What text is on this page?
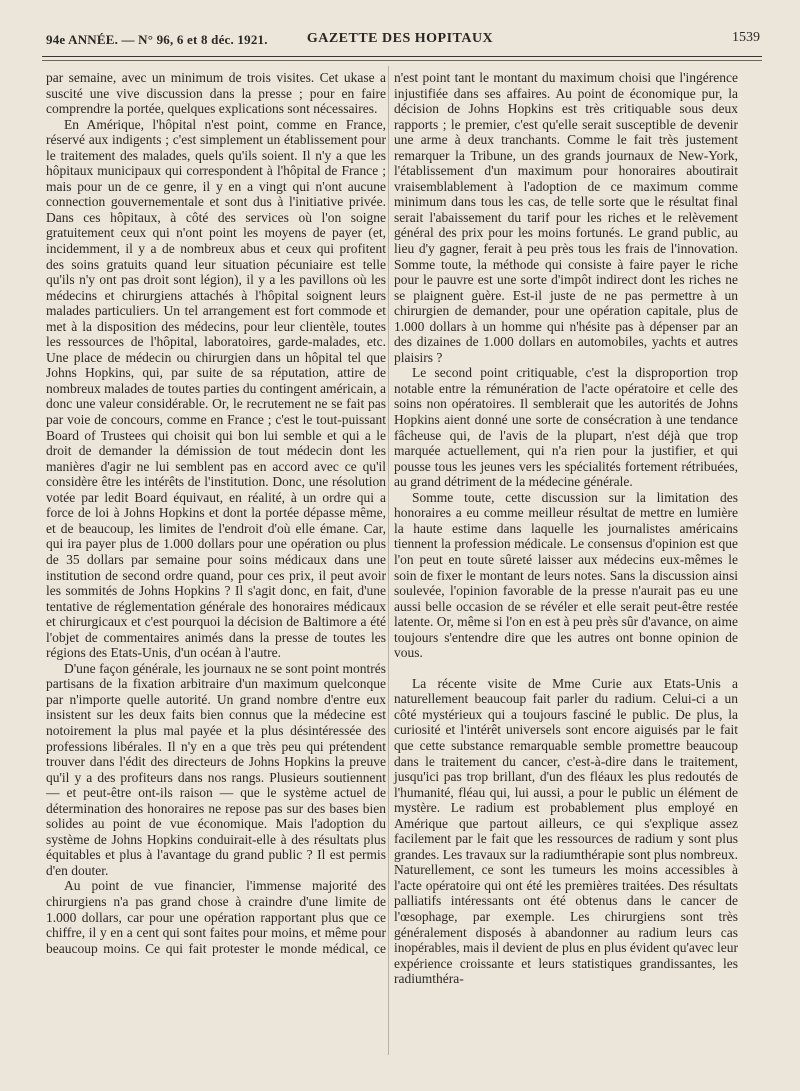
94e ANNÉE. — N° 96, 6 et 8 déc. 1921.	GAZETTE DES HOPITAUX	1539

par semaine, avec un minimum de trois visites. Cet ukase a suscité une vive discussion dans la presse ; pour en faire comprendre la portée, quelques explications sont nécessaires.

En Amérique, l'hôpital n'est point, comme en France, réservé aux indigents ; c'est simplement un établissement pour le traitement des malades, quels qu'ils soient. Il n'y a que les hôpitaux municipaux qui correspondent à l'hôpital de France ; mais pour un de ce genre, il y en a vingt qui n'ont aucune connection gouvernementale et sont dus à l'initiative privée. Dans ces hôpitaux, à côté des services où l'on soigne gratuitement ceux qui n'ont point les moyens de payer (et, incidemment, il y a de nombreux abus et ceux qui profitent des soins gratuits quand leur situation pécuniaire est telle qu'ils n'y ont pas droit sont légion), il y a les pavillons où les médecins et chirurgiens attachés à l'hôpital soignent leurs malades particuliers. Un tel arrangement est fort commode et met à la disposition des médecins, pour leur clientèle, toutes les ressources de l'hôpital, laboratoires, garde-malades, etc. Une place de médecin ou chirurgien dans un hôpital tel que Johns Hopkins, qui, par suite de sa réputation, attire de nombreux malades de toutes parties du contingent américain, a donc une valeur considérable. Or, le recrutement ne se fait pas par voie de concours, comme en France ; c'est le tout-puissant Board of Trustees qui choisit qui bon lui semble et qui a le droit de demander la démission de tout médecin dont les manières d'agir ne lui semblent pas en accord avec ce qu'il considère être les intérêts de l'institution. Donc, une résolution votée par ledit Board équivaut, en réalité, à un ordre qui a force de loi à Johns Hopkins et dont la portée dépasse même, et de beaucoup, les limites de l'endroit d'où elle émane. Car, qui ira payer plus de 1.000 dollars pour une opération ou plus de 35 dollars par semaine pour soins médicaux dans une institution de second ordre quand, pour ces prix, il peut avoir les sommités de Johns Hopkins ? Il s'agit donc, en fait, d'une tentative de réglementation générale des honoraires médicaux et chirurgicaux et c'est pourquoi la décision de Baltimore a été l'objet de commentaires animés dans la presse de toutes les régions des Etats-Unis, d'un océan à l'autre.

D'une façon générale, les journaux ne se sont point montrés partisans de la fixation arbitraire d'un maximum quelconque par n'importe quelle autorité. Un grand nombre d'entre eux insistent sur les deux faits bien connus que la médecine est notoirement la plus mal payée et la plus désintéressée des professions libérales. Il n'y en a que très peu qui prétendent trouver dans l'édit des directeurs de Johns Hopkins la preuve qu'il y a des profiteurs dans nos rangs. Plusieurs soutiennent — et peut-être ont-ils raison — que le système actuel de détermination des honoraires ne repose pas sur des bases bien solides au point de vue économique. Mais l'adoption du système de Johns Hopkins conduirait-elle à des résultats plus équitables et plus à l'avantage du grand public ? Il est permis d'en douter.

Au point de vue financier, l'immense majorité des chirurgiens n'a pas grand chose à craindre d'une limite de 1.000 dollars, car pour une opération rapportant plus que ce chiffre, il y en a cent qui sont faites pour moins, et même pour beaucoup moins. Ce qui fait protester le monde médical, ce

n'est point tant le montant du maximum choisi que l'ingérence injustifiée dans ses affaires. Au point de économique pur, la décision de Johns Hopkins est très critiquable sous deux rapports ; le premier, c'est qu'elle serait susceptible de devenir une arme à deux tranchants. Comme le fait très justement remarquer la Tribune, un des grands journaux de New-York, l'établissement d'un maximum pour honoraires aboutirait vraisemblablement à l'adoption de ce maximum comme minimum dans tous les cas, de telle sorte que le résultat final serait l'abaissement du tarif pour les riches et le relèvement général des prix pour les moins fortunés. Le grand public, au lieu d'y gagner, ferait à peu près tous les frais de l'innovation. Somme toute, la méthode qui consiste à faire payer le riche pour le pauvre est une sorte d'impôt indirect dont les riches ne se plaignent guère. Est-il juste de ne pas permettre à un chirurgien de demander, pour une opération capitale, plus de 1.000 dollars à un homme qui n'hésite pas à dépenser par an des dizaines de 1.000 dollars en automobiles, yachts et autres plaisirs ?

Le second point critiquable, c'est la disproportion trop notable entre la rémunération de l'acte opératoire et celle des soins non opératoires. Il semblerait que les autorités de Johns Hopkins aient donné une sorte de consécration à une tendance fâcheuse qui, de l'avis de la plupart, n'est déjà que trop marquée actuellement, qui n'a rien pour la justifier, et qui pousse tous les jeunes vers les spécialités fortement rétribuées, au grand détriment de la médecine générale.

Somme toute, cette discussion sur la limitation des honoraires a eu comme meilleur résultat de mettre en lumière la haute estime dans laquelle les journalistes américains tiennent la profession médicale. Le consensus d'opinion est que l'on peut en toute sûreté laisser aux médecins eux-mêmes le soin de fixer le montant de leurs notes. Sans la discussion ainsi soulevée, l'opinion favorable de la presse n'aurait pas eu une aussi belle occasion de se révéler et elle serait peut-être restée latente. Or, même si l'on en est à peu près sûr d'avance, on aime toujours s'entendre dire que les autres ont bonne opinion de vous.

La récente visite de Mme Curie aux Etats-Unis a naturellement beaucoup fait parler du radium. Celui-ci a un côté mystérieux qui a toujours fasciné le public. De plus, la curiosité et l'intérêt universels sont encore aiguisés par le fait que cette substance remarquable semble promettre beaucoup dans le traitement du cancer, c'est-à-dire dans le traitement, jusqu'ici pas trop brillant, d'un des fléaux les plus redoutés de l'humanité, fléau qui, lui aussi, a pour le public un élément de mystère. Le radium est probablement plus employé en Amérique que partout ailleurs, ce qui s'explique assez facilement par le fait que les ressources de radium y sont plus grandes. Les travaux sur la radiumthérapie sont plus nombreux. Naturellement, ce sont les tumeurs les moins accessibles à l'acte opératoire qui ont été les premières traitées. Des résultats palliatifs intéressants ont été obtenus dans le cancer de l'œsophage, par exemple. Les chirurgiens sont très généralement disposés à abandonner au radium leurs cas inopérables, mais il devient de plus en plus évident qu'avec leur expérience croissante et leurs statistiques grandissantes, les radiumthéra-
